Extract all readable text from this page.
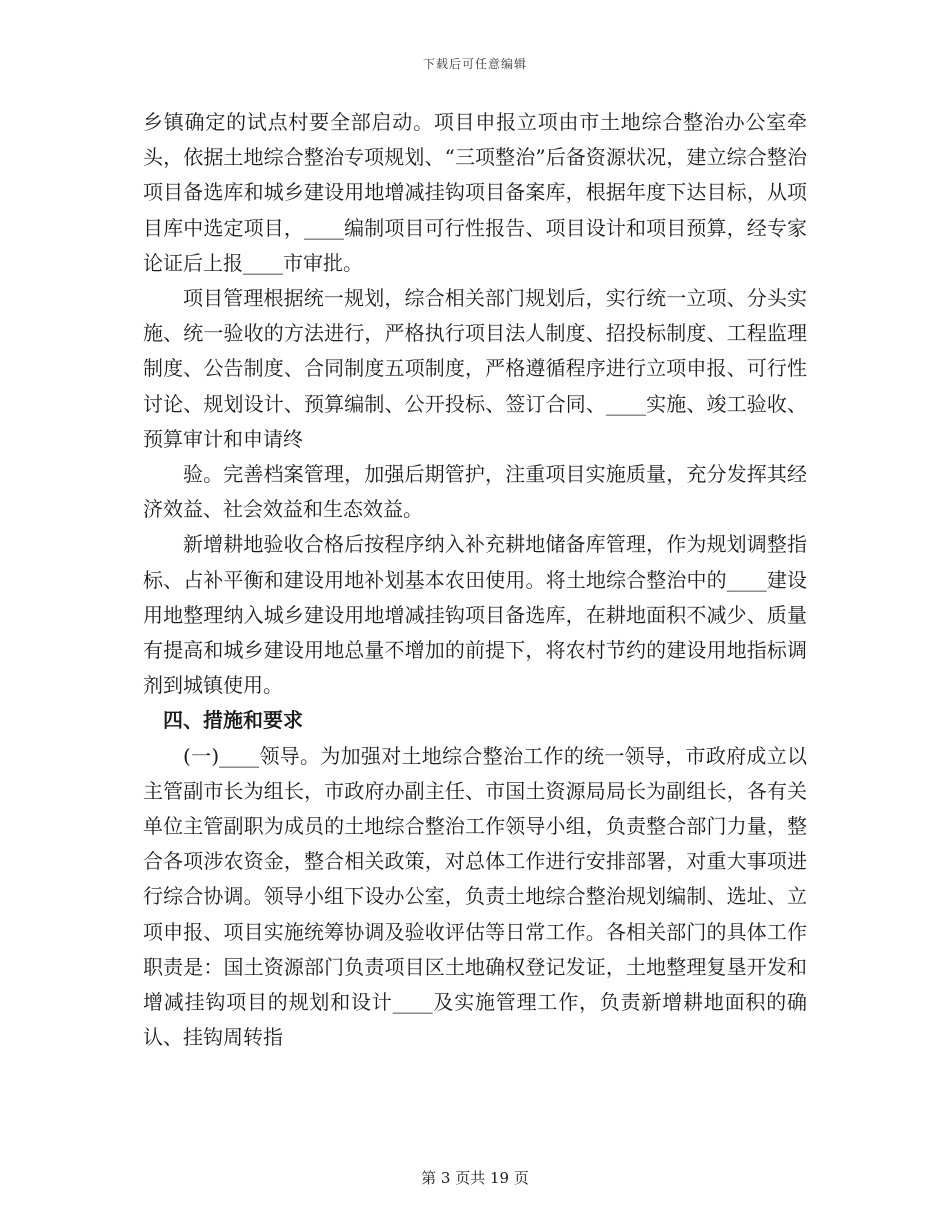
下载后可任意编辑

乡镇确定的试点村要全部启动。项目申报立项由市土地综合整治办公室牵头，依据土地综合整治专项规划、“三项整治”后备资源状况，建立综合整治项目备选库和城乡建设用地增减挂钩项目备案库，根据年度下达目标，从项目库中选定项目，____编制项目可行性报告、项目设计和项目预算，经专家论证后上报____市审批。

项目管理根据统一规划，综合相关部门规划后，实行统一立项、分头实施、统一验收的方法进行，严格执行项目法人制度、招投标制度、工程监理制度、公告制度、合同制度五项制度，严格遵循程序进行立项申报、可行性讨论、规划设计、预算编制、公开投标、签订合同、____实施、竣工验收、预算审计和申请终

验。完善档案管理，加强后期管护，注重项目实施质量，充分发挥其经济效益、社会效益和生态效益。

新增耕地验收合格后按程序纳入补充耕地储备库管理，作为规划调整指标、占补平衡和建设用地补划基本农田使用。将土地综合整治中的____建设用地整理纳入城乡建设用地增减挂钩项目备选库，在耕地面积不减少、质量有提高和城乡建设用地总量不增加的前提下，将农村节约的建设用地指标调剂到城镇使用。

四、措施和要求

(一)____领导。为加强对土地综合整治工作的统一领导，市政府成立以主管副市长为组长，市政府办副主任、市国土资源局局长为副组长，各有关单位主管副职为成员的土地综合整治工作领导小组，负责整合部门力量，整合各项涉农资金，整合相关政策，对总体工作进行安排部署，对重大事项进行综合协调。领导小组下设办公室，负责土地综合整治规划编制、选址、立项申报、项目实施统筹协调及验收评估等日常工作。各相关部门的具体工作职责是：国土资源部门负责项目区土地确权登记发证，土地整理复垦开发和增减挂钩项目的规划和设计____及实施管理工作，负责新增耕地面积的确认、挂钩周转指

第 3 页共 19 页
